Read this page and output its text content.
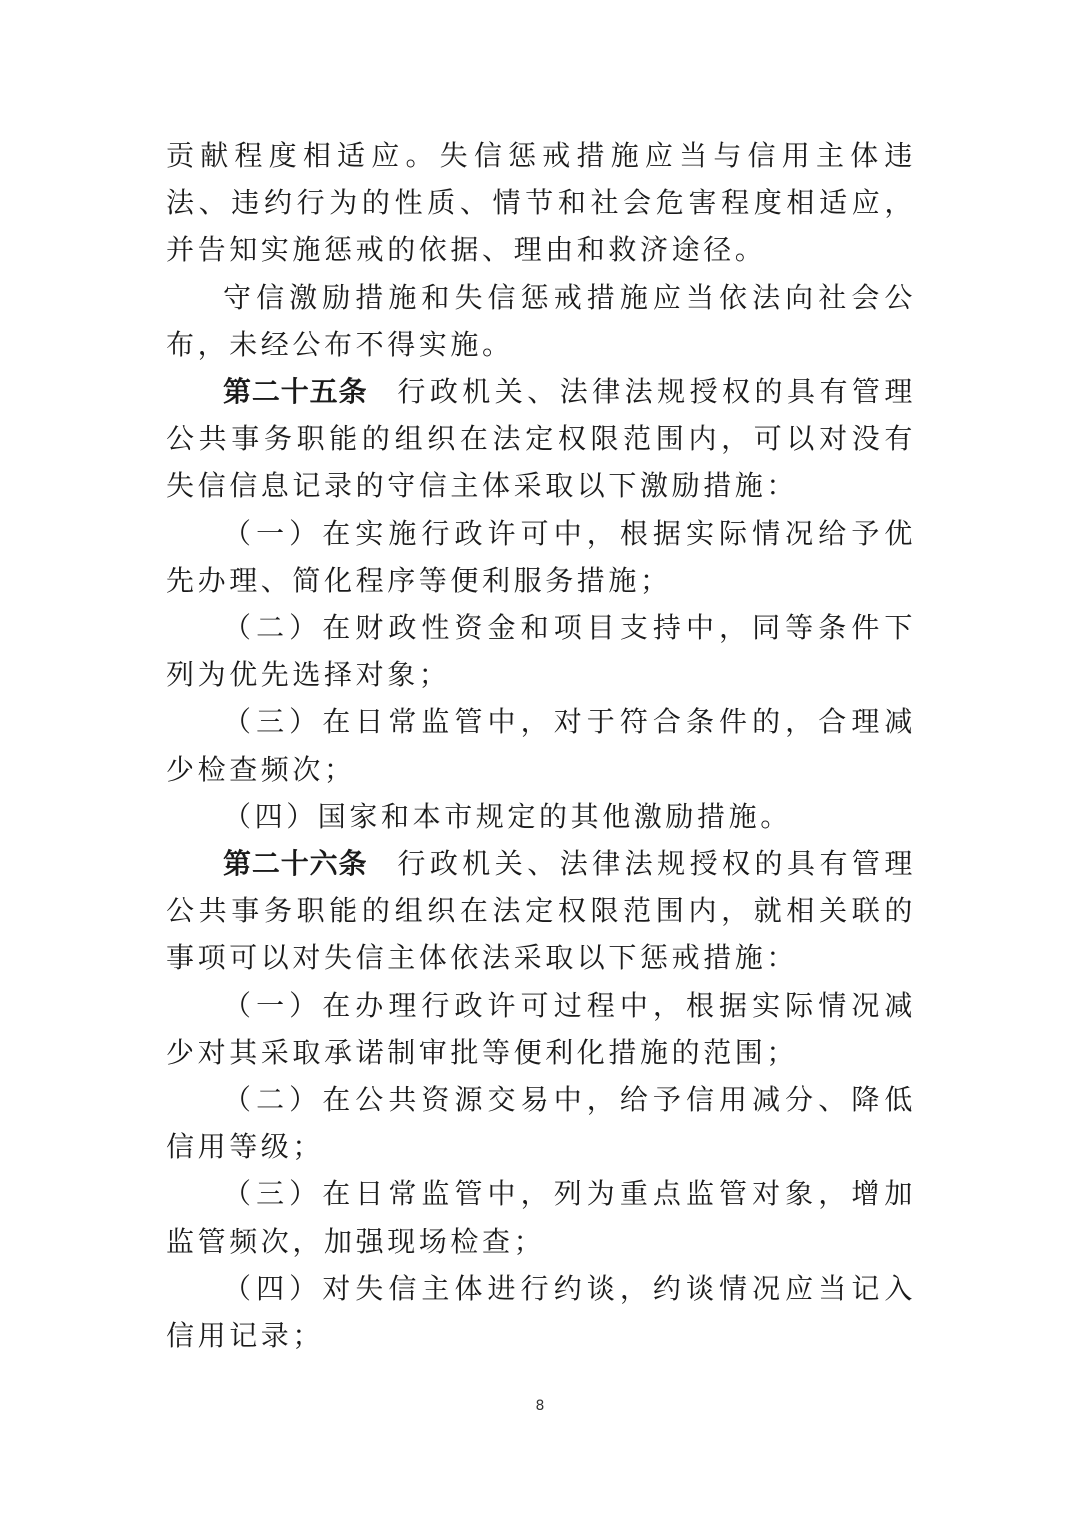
贡献程度相适应。失信惩戒措施应当与信用主体违法、违约行为的性质、情节和社会危害程度相适应，并告知实施惩戒的依据、理由和救济途径。

守信激励措施和失信惩戒措施应当依法向社会公布，未经公布不得实施。

第二十五条 行政机关、法律法规授权的具有管理公共事务职能的组织在法定权限范围内，可以对没有失信信息记录的守信主体采取以下激励措施：

（一）在实施行政许可中，根据实际情况给予优先办理、简化程序等便利服务措施；

（二）在财政性资金和项目支持中，同等条件下列为优先选择对象；

（三）在日常监管中，对于符合条件的，合理减少检查频次；

（四）国家和本市规定的其他激励措施。

第二十六条 行政机关、法律法规授权的具有管理公共事务职能的组织在法定权限范围内，就相关联的事项可以对失信主体依法采取以下惩戒措施：

（一）在办理行政许可过程中，根据实际情况减少对其采取承诺制审批等便利化措施的范围；

（二）在公共资源交易中，给予信用减分、降低信用等级；

（三）在日常监管中，列为重点监管对象，增加监管频次，加强现场检查；

（四）对失信主体进行约谈，约谈情况应当记入信用记录；

8
